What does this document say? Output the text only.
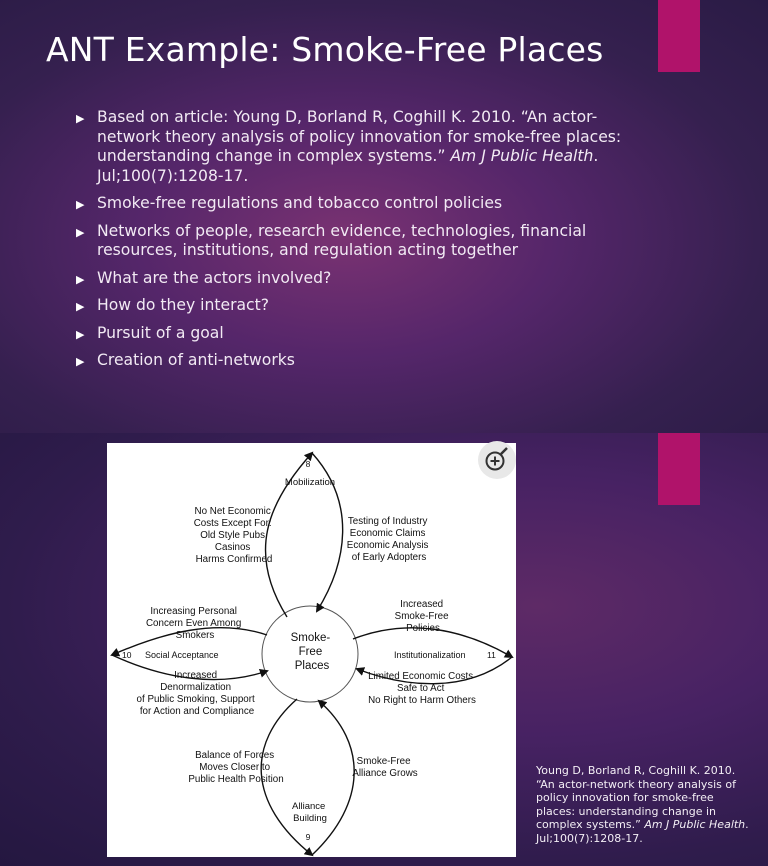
ANT Example: Smoke-Free Places
▶ Based on article: Young D, Borland R, Coghill K. 2010. “An actor-network theory analysis of policy innovation for smoke-free places: understanding change in complex systems.” Am J Public Health. Jul;100(7):1208-17.
▶ Smoke-free regulations and tobacco control policies
▶ Networks of people, research evidence, technologies, financial resources, institutions, and regulation acting together
▶ What are the actors involved?
▶ How do they interact?
▶ Pursuit of a goal
▶ Creation of anti-networks
Smoke- Free Places
8
Mobilization
No Net Economic Costs Except For: Old Style Pubs Casinos Harms Confirmed
Testing of Industry Economic Claims Economic Analysis of Early Adopters
Increasing Personal Concern Even Among Smokers
10 Social Acceptance
Increased Denormalization of Public Smoking, Support for Action and Compliance
Increased Smoke-Free Policies
Institutionalization	11
Limited Economic Costs Safe to Act No Right to Harm Others
Balance of Forces Moves Closer to Public Health Position
Smoke-Free Alliance Grows
Alliance Building
9
Young D, Borland R, Coghill K. 2010. “An actor-network theory analysis of policy innovation for smoke-free places: understanding change in complex systems.” Am J Public Health. Jul;100(7):1208-17.
